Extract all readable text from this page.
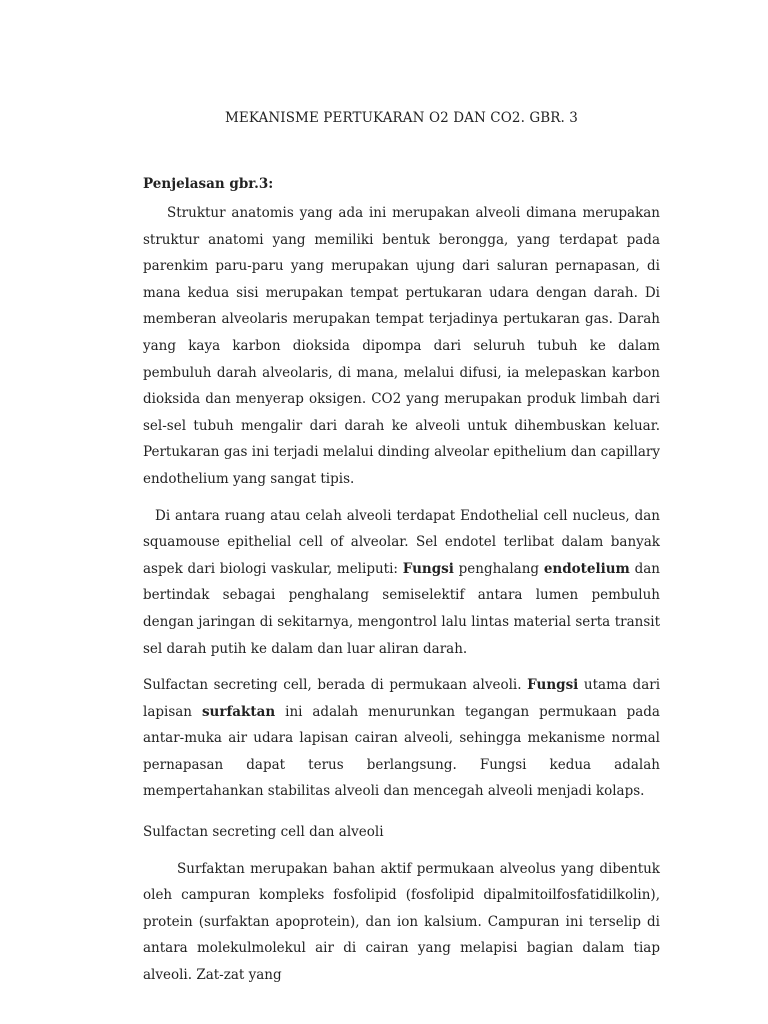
MEKANISME PERTUKARAN O2 DAN CO2. GBR. 3
Penjelasan gbr.3:

Struktur anatomis yang ada ini merupakan alveoli dimana merupakan struktur anatomi yang memiliki bentuk berongga, yang terdapat pada parenkim paru-paru yang merupakan ujung dari saluran pernapasan, di mana kedua sisi merupakan tempat pertukaran udara dengan darah. Di memberan alveolaris merupakan tempat terjadinya pertukaran gas. Darah yang kaya karbon dioksida dipompa dari seluruh tubuh ke dalam pembuluh darah alveolaris, di mana, melalui difusi, ia melepaskan karbon dioksida dan menyerap oksigen. CO2 yang merupakan produk limbah dari sel-sel tubuh mengalir dari darah ke alveoli untuk dihembuskan keluar. Pertukaran gas ini terjadi melalui dinding alveolar epithelium dan capillary endothelium yang sangat tipis.

Di antara ruang atau celah alveoli terdapat Endothelial cell nucleus, dan squamouse epithelial cell of alveolar. Sel endotel terlibat dalam banyak aspek dari biologi vaskular, meliputi: Fungsi penghalang endotelium dan bertindak sebagai penghalang semiselektif antara lumen pembuluh dengan jaringan di sekitarnya, mengontrol lalu lintas material serta transit sel darah putih ke dalam dan luar aliran darah.

Sulfactan secreting cell, berada di permukaan alveoli. Fungsi utama dari lapisan surfaktan ini adalah menurunkan tegangan permukaan pada antar-muka air udara lapisan cairan alveoli, sehingga mekanisme normal pernapasan dapat terus berlangsung. Fungsi kedua adalah mempertahankan stabilitas alveoli dan mencegah alveoli menjadi kolaps.

Sulfactan secreting cell dan alveoli

Surfaktan merupakan bahan aktif permukaan alveolus yang dibentuk oleh campuran kompleks fosfolipid (fosfolipid dipalmitoilfosfatidilkolin), protein (surfaktan apoprotein), dan ion kalsium. Campuran ini terselip di antara molekulmolekul air di cairan yang melapisi bagian dalam tiap alveoli. Zat-zat yang
